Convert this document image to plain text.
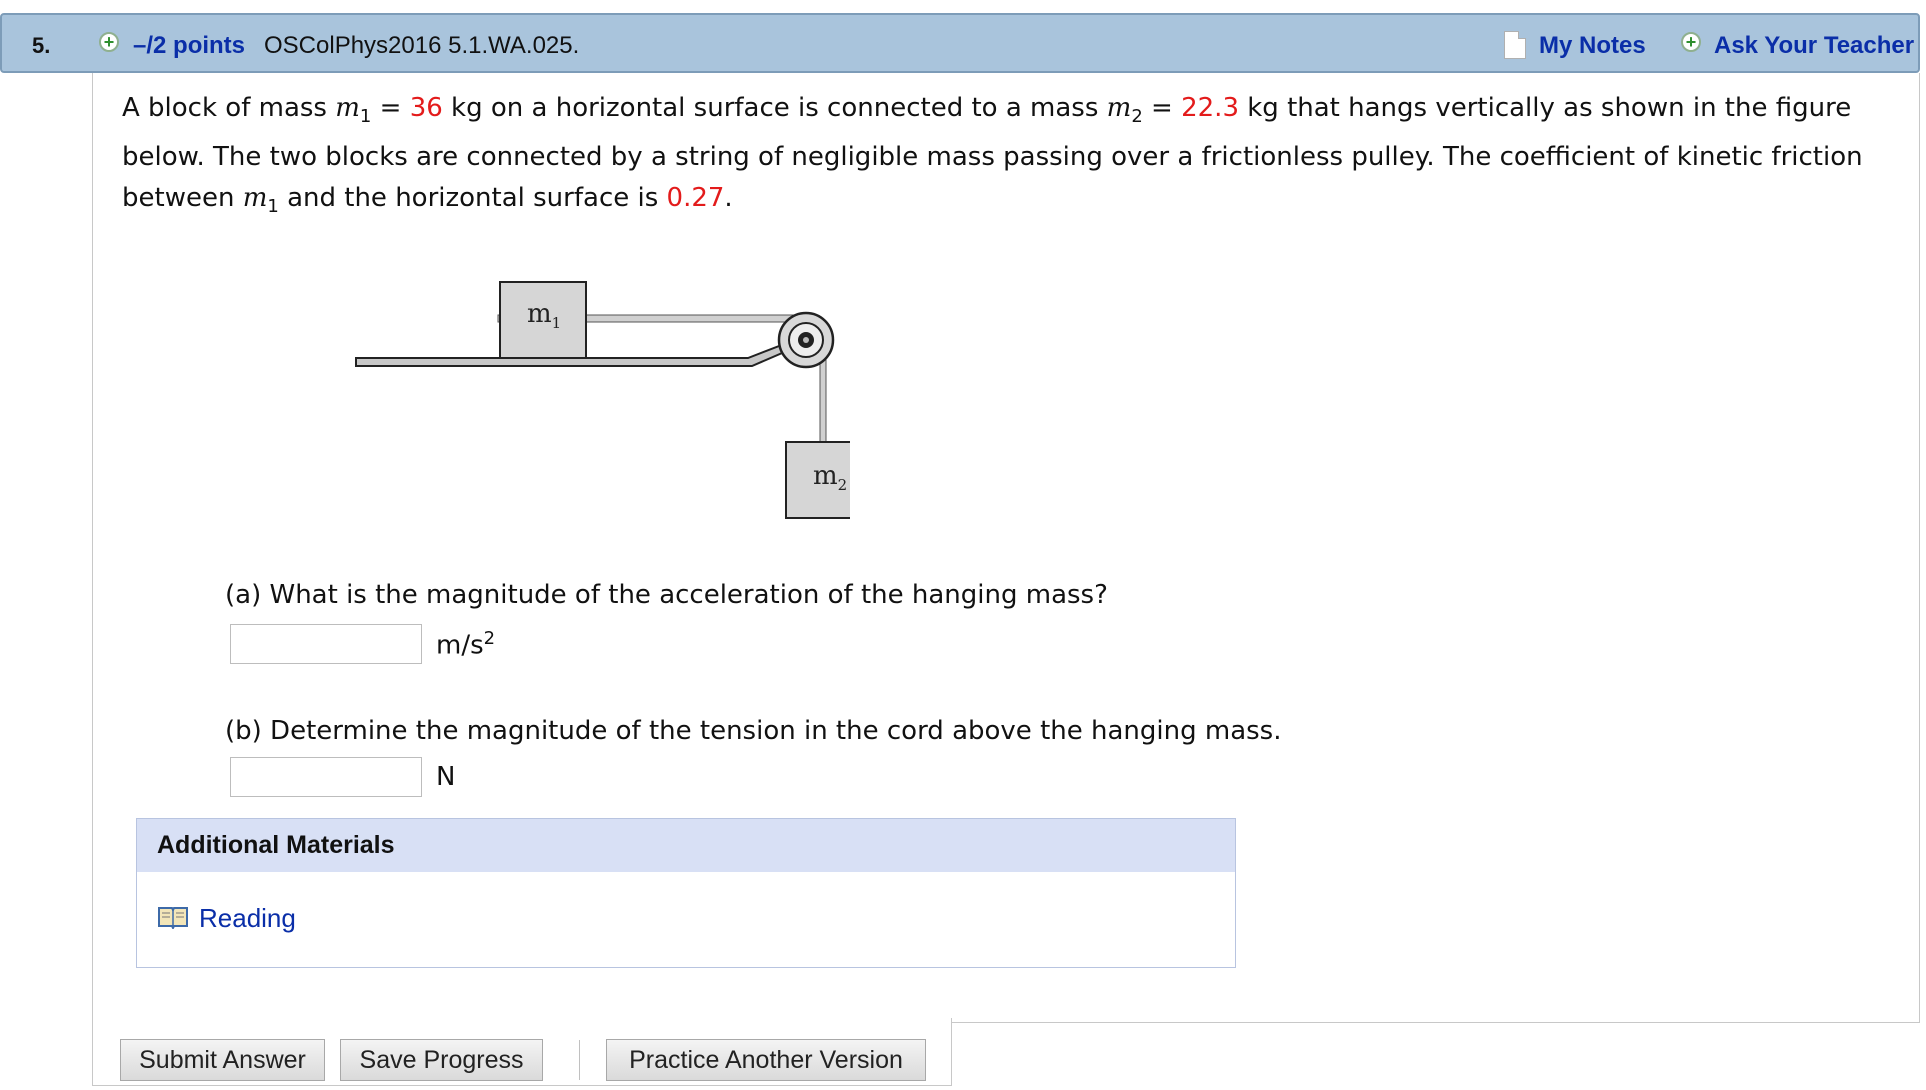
5.	+ –/2 points OSColPhys2016 5.1.WA.025.	My Notes + Ask Your Teacher
A block of mass $m_1 = 36$ kg on a horizontal surface is connected to a mass $m_2 = 22.3$ kg that hangs vertically as shown in the figure below. The two blocks are connected by a string of negligible mass passing over a frictionless pulley. The coefficient of kinetic friction between $m_1$ and the horizontal surface is 0.27.
$m_1$
$m_2$
(a) What is the magnitude of the acceleration of the hanging mass?
$m/s^2$
(b) Determine the magnitude of the tension in the cord above the hanging mass.
N
Additional Materials
Reading
Submit Answer	Save Progress	Practice Another Version
